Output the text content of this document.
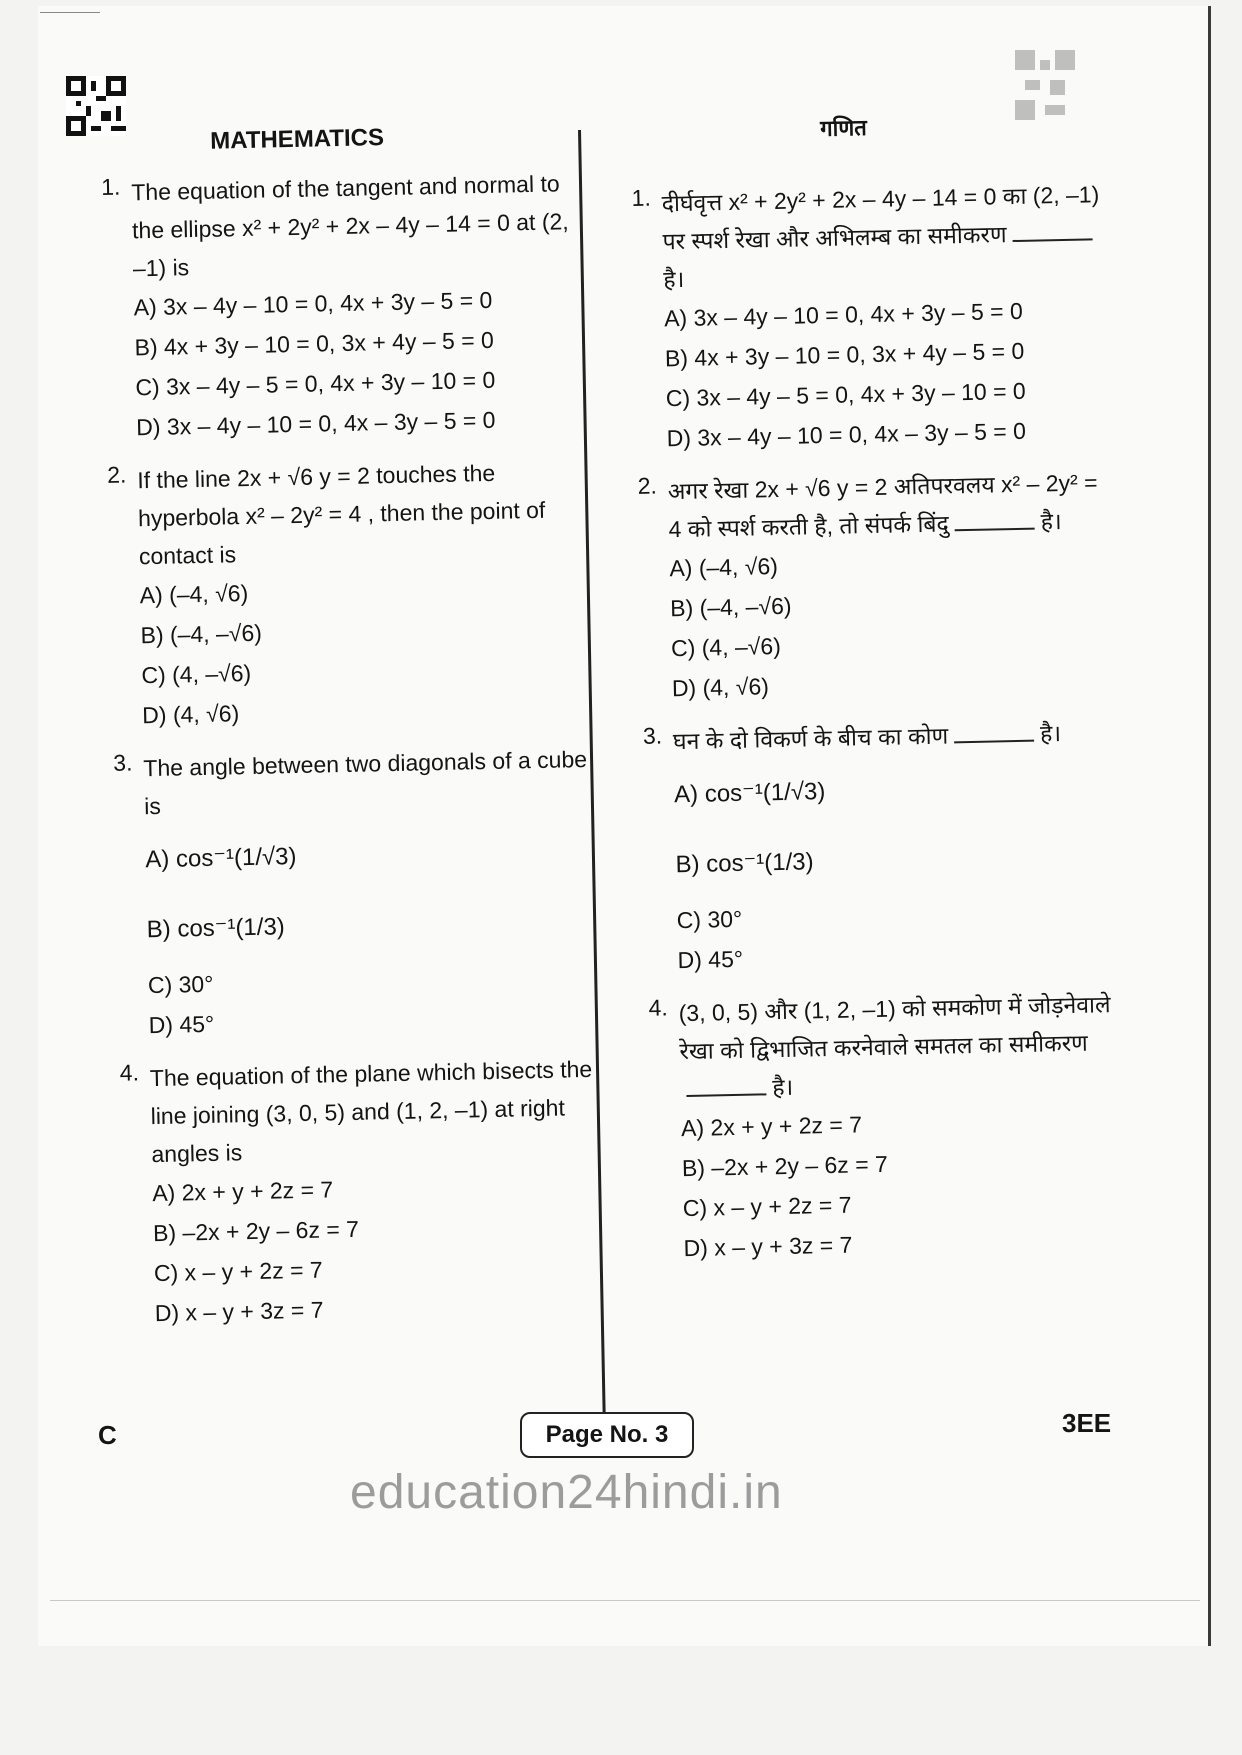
MATHEMATICS
1. The equation of the tangent and normal to the ellipse x² + 2y² + 2x – 4y – 14 = 0 at (2, –1) is
A) 3x – 4y – 10 = 0, 4x + 3y – 5 = 0
B) 4x + 3y – 10 = 0, 3x + 4y – 5 = 0
C) 3x – 4y – 5 = 0, 4x + 3y – 10 = 0
D) 3x – 4y – 10 = 0, 4x – 3y – 5 = 0
2. If the line 2x + √6 y = 2 touches the hyperbola x² – 2y² = 4 , then the point of contact is
A) (–4, √6)
B) (–4, –√6)
C) (4, –√6)
D) (4, √6)
3. The angle between two diagonals of a cube is
A) cos⁻¹(1/√3)
B) cos⁻¹(1/3)
C) 30°
D) 45°
4. The equation of the plane which bisects the line joining (3, 0, 5) and (1, 2, –1) at right angles is
A) 2x + y + 2z = 7
B) –2x + 2y – 6z = 7
C) x – y + 2z = 7
D) x – y + 3z = 7
गणित
1. दीर्घवृत्त x² + 2y² + 2x – 4y – 14 = 0 का (2, –1) पर स्पर्श रेखा और अभिलम्ब का समीकरणहै।
A) 3x – 4y – 10 = 0, 4x + 3y – 5 = 0
B) 4x + 3y – 10 = 0, 3x + 4y – 5 = 0
C) 3x – 4y – 5 = 0, 4x + 3y – 10 = 0
D) 3x – 4y – 10 = 0, 4x – 3y – 5 = 0
2. अगर रेखा 2x + √6 y = 2 अतिपरवलय x² – 2y² = 4 को स्पर्श करती है, तो संपर्क बिंदु	है।
A) (–4, √6)
B) (–4, –√6)
C) (4, –√6)
D) (4, √6)
3. घन के दो विकर्ण के बीच का कोण	है।
A) cos⁻¹(1/√3)
B) cos⁻¹(1/3)
C) 30°
D) 45°
4. (3, 0, 5) और (1, 2, –1) को समकोण में जोड़नेवाले रेखा को द्विभाजित करनेवाले समतल का समीकरणहै।
A) 2x + y + 2z = 7
B) –2x + 2y – 6z = 7
C) x – y + 2z = 7
D) x – y + 3z = 7
C	Page No. 3	3EE
education24hindi.in
